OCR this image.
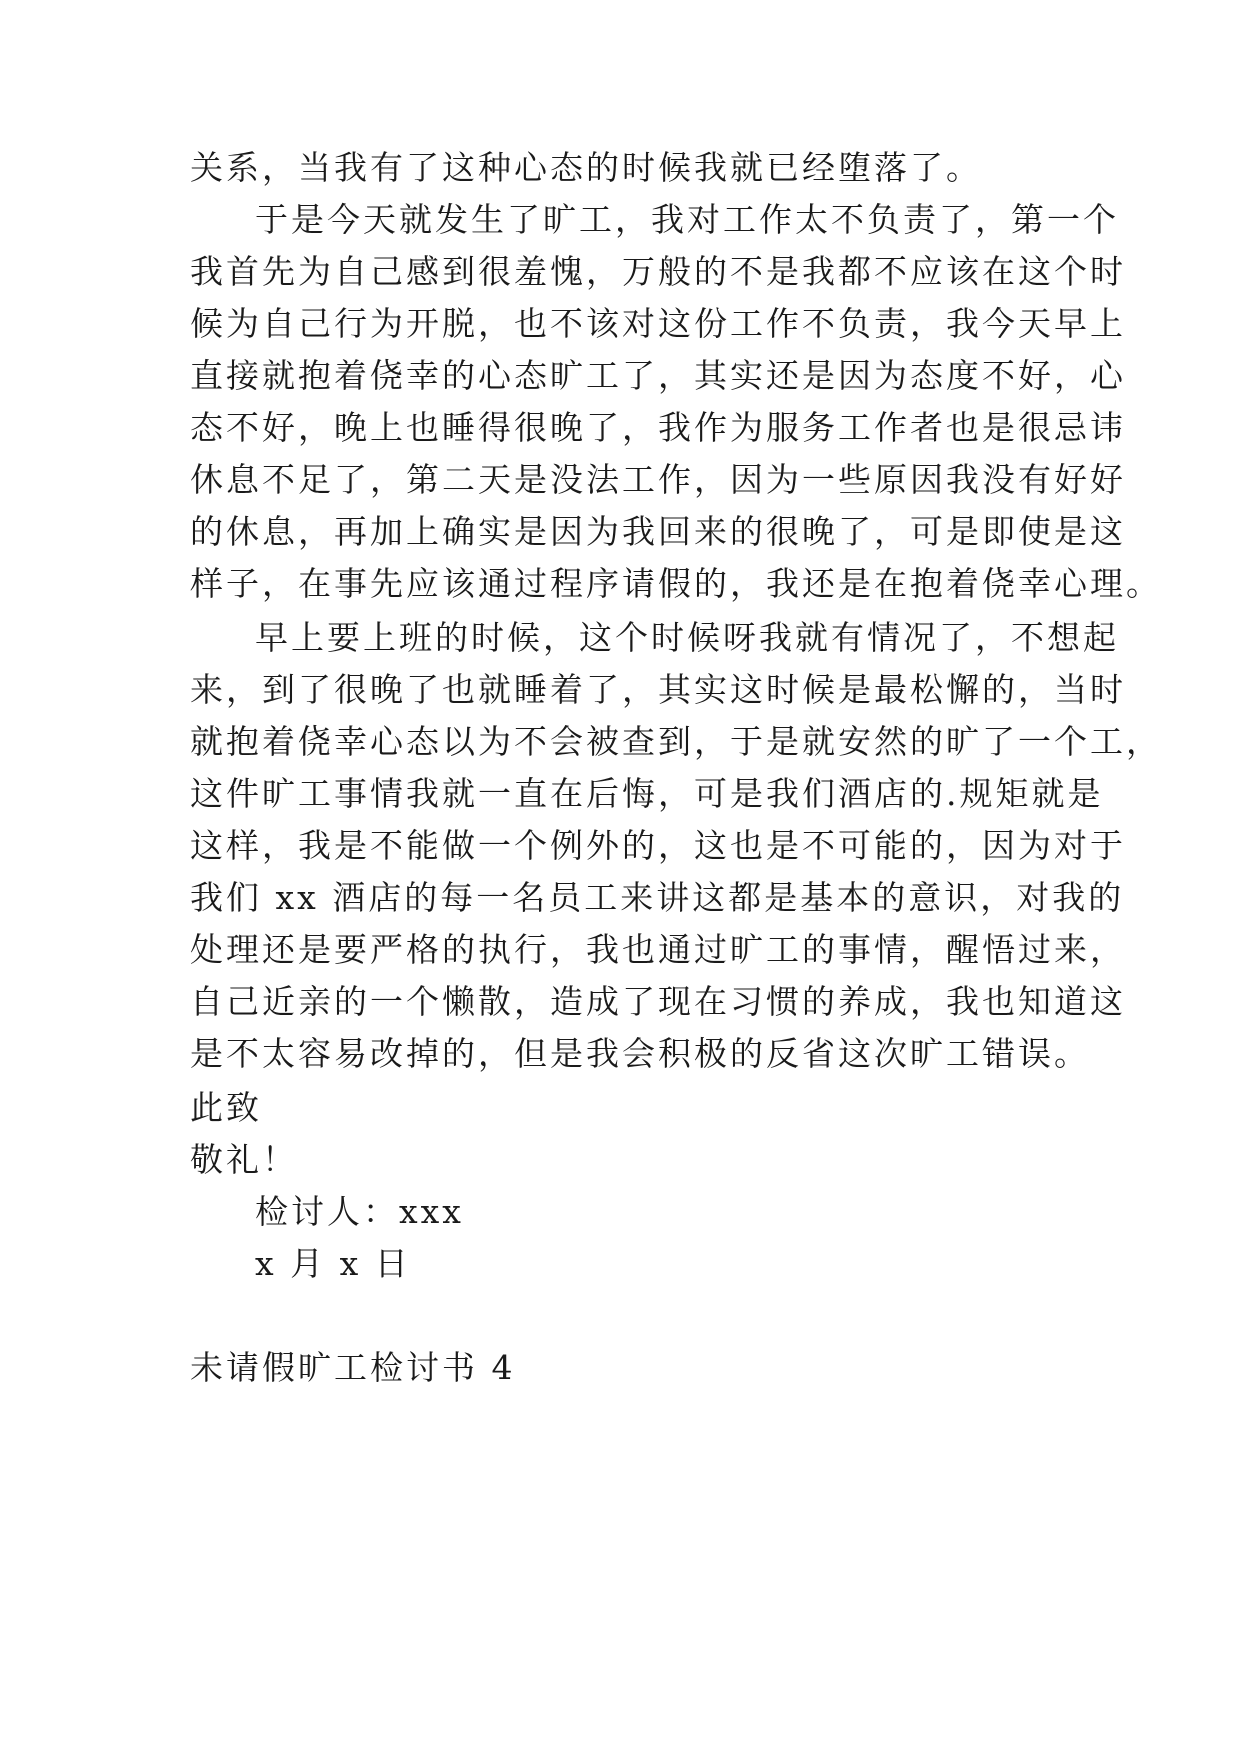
关系，当我有了这种心态的时候我就已经堕落了。
于是今天就发生了旷工，我对工作太不负责了，第一个
我首先为自己感到很羞愧，万般的不是我都不应该在这个时
候为自己行为开脱，也不该对这份工作不负责，我今天早上
直接就抱着侥幸的心态旷工了，其实还是因为态度不好，心
态不好，晚上也睡得很晚了，我作为服务工作者也是很忌讳
休息不足了，第二天是没法工作，因为一些原因我没有好好
的休息，再加上确实是因为我回来的很晚了，可是即使是这
样子，在事先应该通过程序请假的，我还是在抱着侥幸心理。
早上要上班的时候，这个时候呀我就有情况了，不想起
来，到了很晚了也就睡着了，其实这时候是最松懈的，当时
就抱着侥幸心态以为不会被查到，于是就安然的旷了一个工，
这件旷工事情我就一直在后悔，可是我们酒店的.规矩就是
这样，我是不能做一个例外的，这也是不可能的，因为对于
我们 xx 酒店的每一名员工来讲这都是基本的意识，对我的
处理还是要严格的执行，我也通过旷工的事情，醒悟过来，
自己近亲的一个懒散，造成了现在习惯的养成，我也知道这
是不太容易改掉的，但是我会积极的反省这次旷工错误。
此致
敬礼！
检讨人：xxx
x 月 x 日
未请假旷工检讨书 4
